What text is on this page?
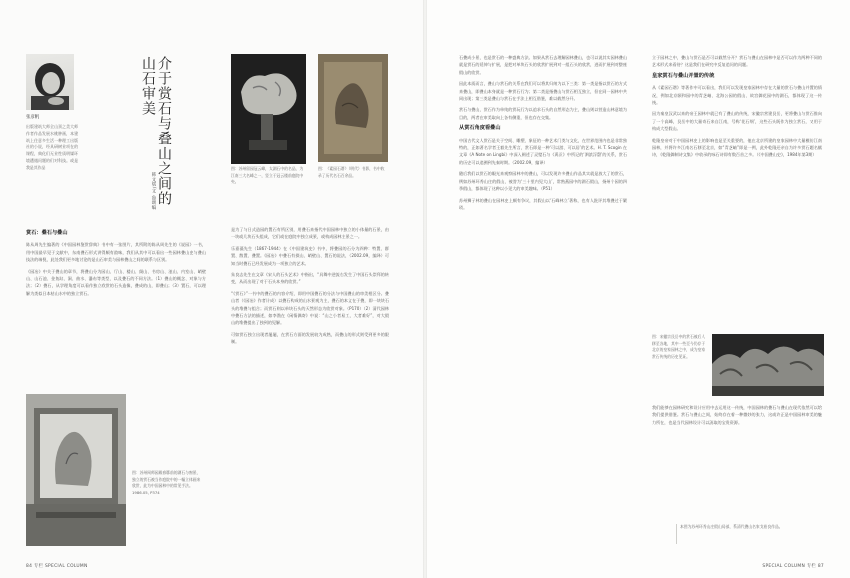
张彦帆
出版建筑大师全山顶之美大师作者作品发展水桃肿画，本建筑上住意多生活一种理工出版社的小说，经具研树业项在的课程，典化们无业性质明媒环境遭遇问题的们对科技。或是我是其作品	介于赏石与叠山之间的山石审美
韩文斌/文 鲁颂编
赏石：叠石与叠山

陈从周先生编著的《中国园林鉴赏辞典》书中有一张图片，其所附的陈从周先生的《说园》一书，用中国最早见于文献中，东南叠石形式讲得颇有韵味，我们从其中可以看出一些园林叠山史与叠山技法的端倪，此处我们更多地讨论的是山石审美与园林叠山之间的联系与区别。

《园冶》中关于叠山的章节，将叠山分为园山、厅山、楼山、阁山、书房山、池山、内室山、峭壁山、山石池、金鱼缸、涧、曲水、瀑布等类型，以及叠石的不同方法。（1）叠山的概念、对象与方法；（2）叠石，从学理角度可以看作独立欣赏的石头造像，叠成的山，即叠山；（3）置石，可以理解为类似日本枯山水中的独立赏石。

图：苏州网师园殿春簃前的湖石与窗景，独立的赏石被当作庭院中的一幅立体画来欣赏，此为中国园林中的常见手法。1986.05, P374
图：苏州留园冠云峰，太湖石中的名品，为江南三大名峰之一，竖立于冠云楼前庭院中央。
图：《素园石谱》（明代）书影，书中收录了历代名石百余品。

是为了与日式造园的置石有所区别，用叠石来指代中国园林中独立的小体量的石景，由一块或几块石头组成，它们或在庭院中独立成景，或构成园林主景之一。

乐嘉藻先生（1867-1944）在《中国建筑史》书中，将叠园的石分为四种：特置、群置、散置、叠置。《园冶》中叠石有掇山、峭壁山、置石的说法，（2002.09，编译）可知当时叠石已经发展成为一项独立的艺术。

朱良志先生在文章《宋人的石头艺术》中指出，“具舞中逆流右发生了中国石头崇拜的转变，从而出现了对于石头本身的欣赏。”

“《赏石》”一书中的叠石的内容介绍，即用中国叠石的分法与中国叠山的审美相区分。叠山者（《园冶》作者计成）以叠石构成的山水景观为主，叠石的本义在于叠，即一块块石头的堆叠与组合；而赏石则以单块石头的天然形态为欣赏对象。（P170）（2）清代园林中叠石方法的描述，如李渔在《闲情偶寄》中说：“山之小者易工，大者难好”，对大假山的堆叠提出了独到的见解。

可如赏石独立出现者屡屡，在赏石方面的发展较为成熟，而叠山的形式则受到更多的限制。

石叠成小景，也是赏石的一种盛典方法。如果从赏石去理解园林叠山，也可以说其实园林叠山就是赏石的延伸与扩展，是把对单块石头的欣赏扩展到对一组石头的欣赏，进而扩展到对整座假山的欣赏。

因此本质而言，叠山与赏石的关系在我们可以将其归纳为以下三类：第一类是指以赏石的方式来叠山，即叠山本身就是一种赏石行为；第二类是指叠山与赏石相互独立，但在同一园林中共同出现；第三类是叠山与赏石在手法上相互借鉴，难以截然分开。

赏石与叠山，赏石作为单纯的赏玩行为以追求石头的自然形态为主，叠山则以营造山林意境为目的，两者在审美取向上各有侧重，但也存在交集。

从赏石角度看叠山

中国古代文人赏石是关于空间、雕塑、象征的一种艺术门类与文化，在世界范围内也是非常独特的，正如著名学者王毅先生所言，赏石即是一种‘可以游、可以居’的艺术。H. T. Scogin 在文章《A Note on Lingbi》中深入阐述了灵璧石与《禹贡》中所记的‘泗滨浮磬’的关系，赏石的历史可以追溯到先秦时期。（2002.09，编译）

随后我们以赏石的眼光来观察园林中的叠山，可以发现许多叠山作品其实就是放大了的赏石，例如苏州环秀山庄的假山，被誉为‘三十里内见大山’，常熟燕园中的湖石假山，扬州个园的四季假山，都体现了这种以小见大的审美趣味。（P51）

苏州狮子林的叠山在园林史上颇有争议，其假山以‘石峰林立’著称，也有人批评其堆叠过于繁琐。

立于园林之中，叠山与赏石是否可以截然分开？赏石与叠山在园林中是否可以作为两种不同的艺术形式来看待？这是我们在研究中反复追问的问题。

皇家赏石与叠山并置的传统

从《素园石谱》等著作中可以看出，我们可以发现皇家园林中存在大量的赏石与叠山并置的情况，例如北京颐和园中的青芝岫、北海公园的假山、故宫御花园中的湖石，都体现了这一传统。

因为秦皇汉武以来的帝王园林中就已有了叠山的传统，宋徽宗营建艮岳，更将叠山与赏石推向了一个高峰，艮岳中的大量奇石来自江南，号称‘花石纲’，这些石头既作为独立赏石，又用于构成大型假山。

乾隆皇帝对于中国园林史上的影响也是至关重要的，他在北京所建的皇家园林中大量模仿江南园林，并将许多江南名石移至北京，如“青芝岫”即是一例，此外乾隆还亲自为许多赏石题名赋诗，《乾隆御制诗文集》中收录的咏石诗即有数百首之多。（《中国叠山史》，1984年第3期）

图：宋徽宗艮岳中的赏石被后人移至各地，其中一些至今仍存于北京的皇家园林之中，成为皇家赏石传统的历史见证。

我们能够在园林研究和设计应用中去运用这一传统，中国园林的叠石与叠山在现代依然可以给我们提供借鉴。赏石与叠山之间，始终存在着一种微妙的张力，这或许正是中国园林审美的魅力所在，也是当代园林设计可以汲取的宝贵资源。

本图为苏州环秀山庄假山局部，系清代叠山名家戈裕良作品。
84 专栏 SPECIAL COLUMN	SPECIAL COLUMN 专栏 87
